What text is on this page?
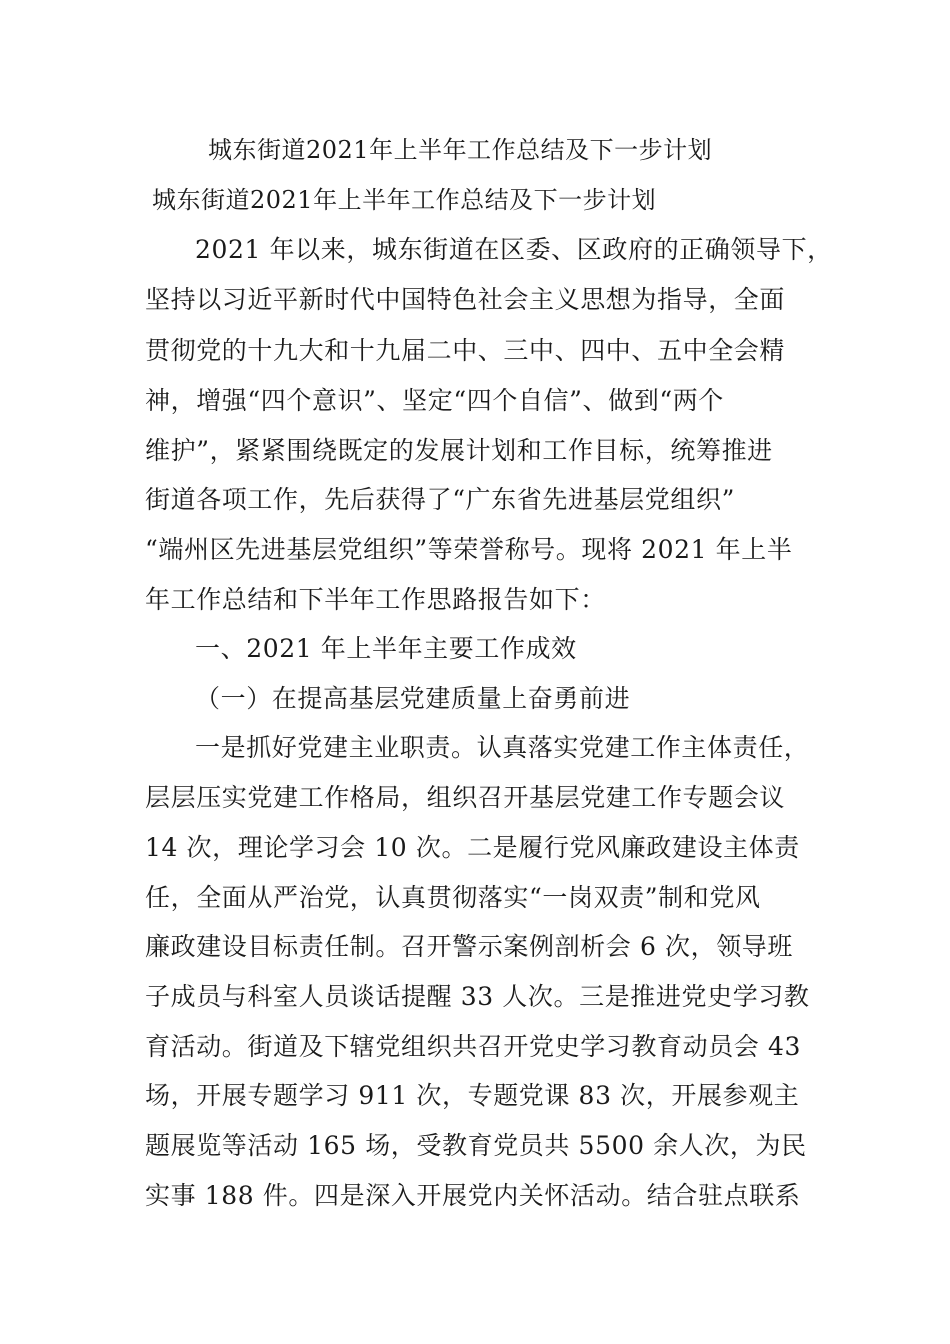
城东街道2021年上半年工作总结及下一步计划
城东街道2021年上半年工作总结及下一步计划
2021 年以来，城东街道在区委、区政府的正确领导下，
坚持以习近平新时代中国特色社会主义思想为指导，全面
贯彻党的十九大和十九届二中、三中、四中、五中全会精
神，增强“四个意识”、坚定“四个自信”、做到“两个
维护”，紧紧围绕既定的发展计划和工作目标，统筹推进
街道各项工作，先后获得了“广东省先进基层党组织”
“端州区先进基层党组织”等荣誉称号。现将 2021 年上半
年工作总结和下半年工作思路报告如下：
一、2021 年上半年主要工作成效
（一）在提高基层党建质量上奋勇前进
一是抓好党建主业职责。认真落实党建工作主体责任，
层层压实党建工作格局，组织召开基层党建工作专题会议
14 次，理论学习会 10 次。二是履行党风廉政建设主体责
任，全面从严治党，认真贯彻落实“一岗双责”制和党风
廉政建设目标责任制。召开警示案例剖析会 6 次，领导班
子成员与科室人员谈话提醒 33 人次。三是推进党史学习教
育活动。街道及下辖党组织共召开党史学习教育动员会 43
场，开展专题学习 911 次，专题党课 83 次，开展参观主
题展览等活动 165 场，受教育党员共 5500 余人次，为民
实事 188 件。四是深入开展党内关怀活动。结合驻点联系
